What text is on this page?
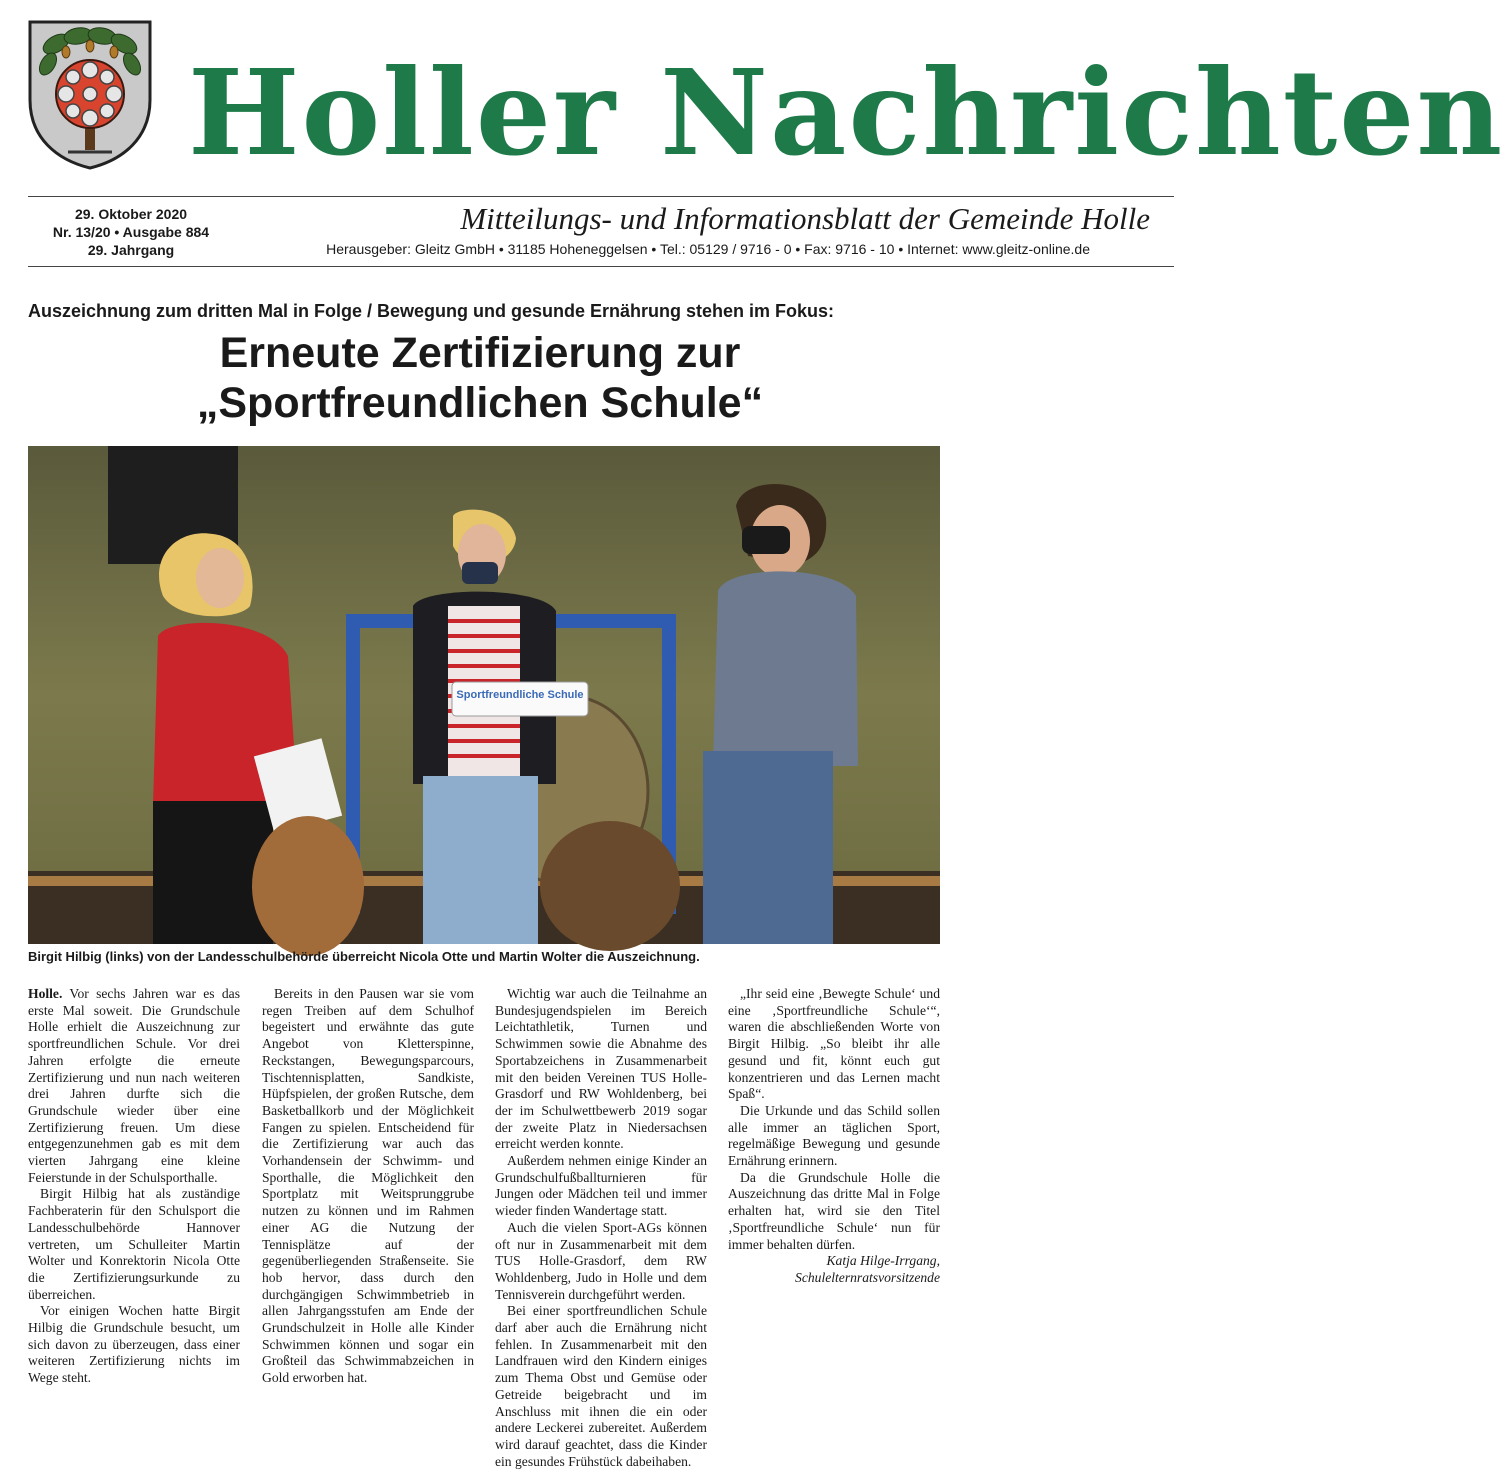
Holler Nachrichten
29. Oktober 2020
Nr. 13/20 • Ausgabe 884
29. Jahrgang
Mitteilungs- und Informationsblatt der Gemeinde Holle
Herausgeber: Gleitz GmbH • 31185 Hoheneggelsen • Tel.: 05129 / 9716 - 0 • Fax: 9716 - 10 • Internet: www.gleitz-online.de
Auszeichnung zum dritten Mal in Folge / Bewegung und gesunde Ernährung stehen im Fokus:
Erneute Zertifizierung zur
„Sportfreundlichen Schule“
Sportfreundliche Schule
Birgit Hilbig (links) von der Landesschulbehörde überreicht Nicola Otte und Martin Wolter die Auszeichnung.

Holle. Vor sechs Jahren war es das erste Mal soweit. Die Grundschule Holle erhielt die Auszeichnung zur sportfreundlichen Schule. Vor drei Jahren erfolgte die erneute Zertifizierung und nun nach weiteren drei Jahren durfte sich die Grundschule wieder über eine Zertifizierung freuen. Um diese entgegenzunehmen gab es mit dem vierten Jahrgang eine kleine Feierstunde in der Schulsporthalle.

Birgit Hilbig hat als zuständige Fachberaterin für den Schulsport die Landesschulbehörde Hannover vertreten, um Schulleiter Martin Wolter und Konrektorin Nicola Otte die Zertifizierungsurkunde zu überreichen.

Vor einigen Wochen hatte Birgit Hilbig die Grundschule besucht, um sich davon zu überzeugen, dass einer weiteren Zertifizierung nichts im Wege steht.

Bereits in den Pausen war sie vom regen Treiben auf dem Schulhof begeistert und erwähnte das gute Angebot von Kletterspinne, Reckstangen, Bewegungsparcours, Tischtennisplatten, Sandkiste, Hüpfspielen, der großen Rutsche, dem Basketballkorb und der Möglichkeit Fangen zu spielen. Entscheidend für die Zertifizierung war auch das Vorhandensein der Schwimm- und Sporthalle, die Möglichkeit den Sportplatz mit Weitsprunggrube nutzen zu können und im Rahmen einer AG die Nutzung der Tennisplätze auf der gegenüberliegenden Straßenseite. Sie hob hervor, dass durch den durchgängigen Schwimmbetrieb in allen Jahrgangsstufen am Ende der Grundschulzeit in Holle alle Kinder Schwimmen können und sogar ein Großteil das Schwimmabzeichen in Gold erworben hat.

Wichtig war auch die Teilnahme an Bundesjugendspielen im Bereich Leichtathletik, Turnen und Schwimmen sowie die Abnahme des Sportabzeichens in Zusammenarbeit mit den beiden Vereinen TUS Holle-Grasdorf und RW Wohldenberg, bei der im Schulwettbewerb 2019 sogar der zweite Platz in Niedersachsen erreicht werden konnte.

Außerdem nehmen einige Kinder an Grundschulfußballturnieren für Jungen oder Mädchen teil und immer wieder finden Wandertage statt.

Auch die vielen Sport-AGs können oft nur in Zusammenarbeit mit dem TUS Holle-Grasdorf, dem RW Wohldenberg, Judo in Holle und dem Tennisverein durchgeführt werden.

Bei einer sportfreundlichen Schule darf aber auch die Ernährung nicht fehlen. In Zusammenarbeit mit den Landfrauen wird den Kindern einiges zum Thema Obst und Gemüse oder Getreide beigebracht und im Anschluss mit ihnen die ein oder andere Leckerei zubereitet. Außerdem wird darauf geachtet, dass die Kinder ein gesundes Frühstück dabeihaben.

„Ihr seid eine ‚Bewegte Schule‘ und eine ‚Sportfreundliche Schule‘“, waren die abschließenden Worte von Birgit Hilbig. „So bleibt ihr alle gesund und fit, könnt euch gut konzentrieren und das Lernen macht Spaß“.

Die Urkunde und das Schild sollen alle immer an täglichen Sport, regelmäßige Bewegung und gesunde Ernährung erinnern.

Da die Grundschule Holle die Auszeichnung das dritte Mal in Folge erhalten hat, wird sie den Titel ‚Sportfreundliche Schule‘ nun für immer behalten dürfen.

Katja Hilge-Irrgang,

Schulelternratsvorsitzende
